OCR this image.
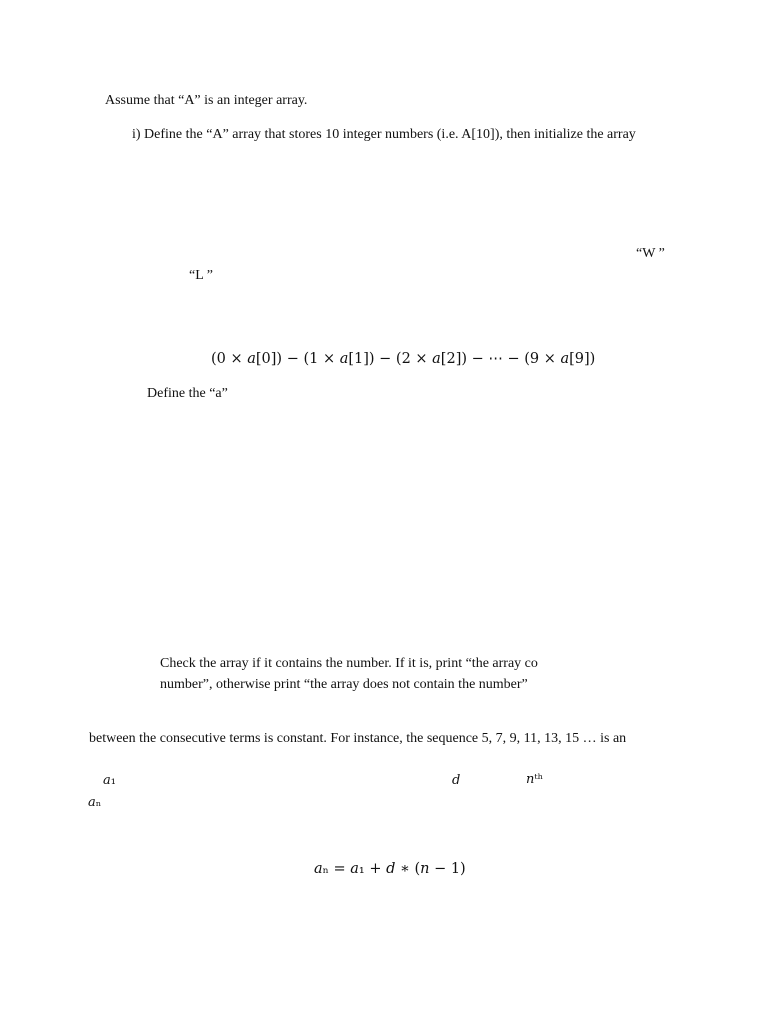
Assume that “A” is an integer array.
i) Define the “A” array that stores 10 integer numbers (i.e. A[10]), then initialize the array
“W ”
“L ”
(0 × 𝑎[0]) − (1 × 𝑎[1]) − (2 × 𝑎[2]) − ⋯ − (9 × 𝑎[9])
Define the “a”
Check the array if it contains the number. If it is, print “the array co
number”, otherwise print “the array does not contain the number”
between the consecutive terms is constant. For instance, the sequence 5, 7, 9, 11, 13, 15 … is an
𝑎₁	𝑑	𝑛ᵗʰ
𝑎ₙ
𝑎ₙ = 𝑎₁ + 𝑑 ∗ (𝑛 − 1)
